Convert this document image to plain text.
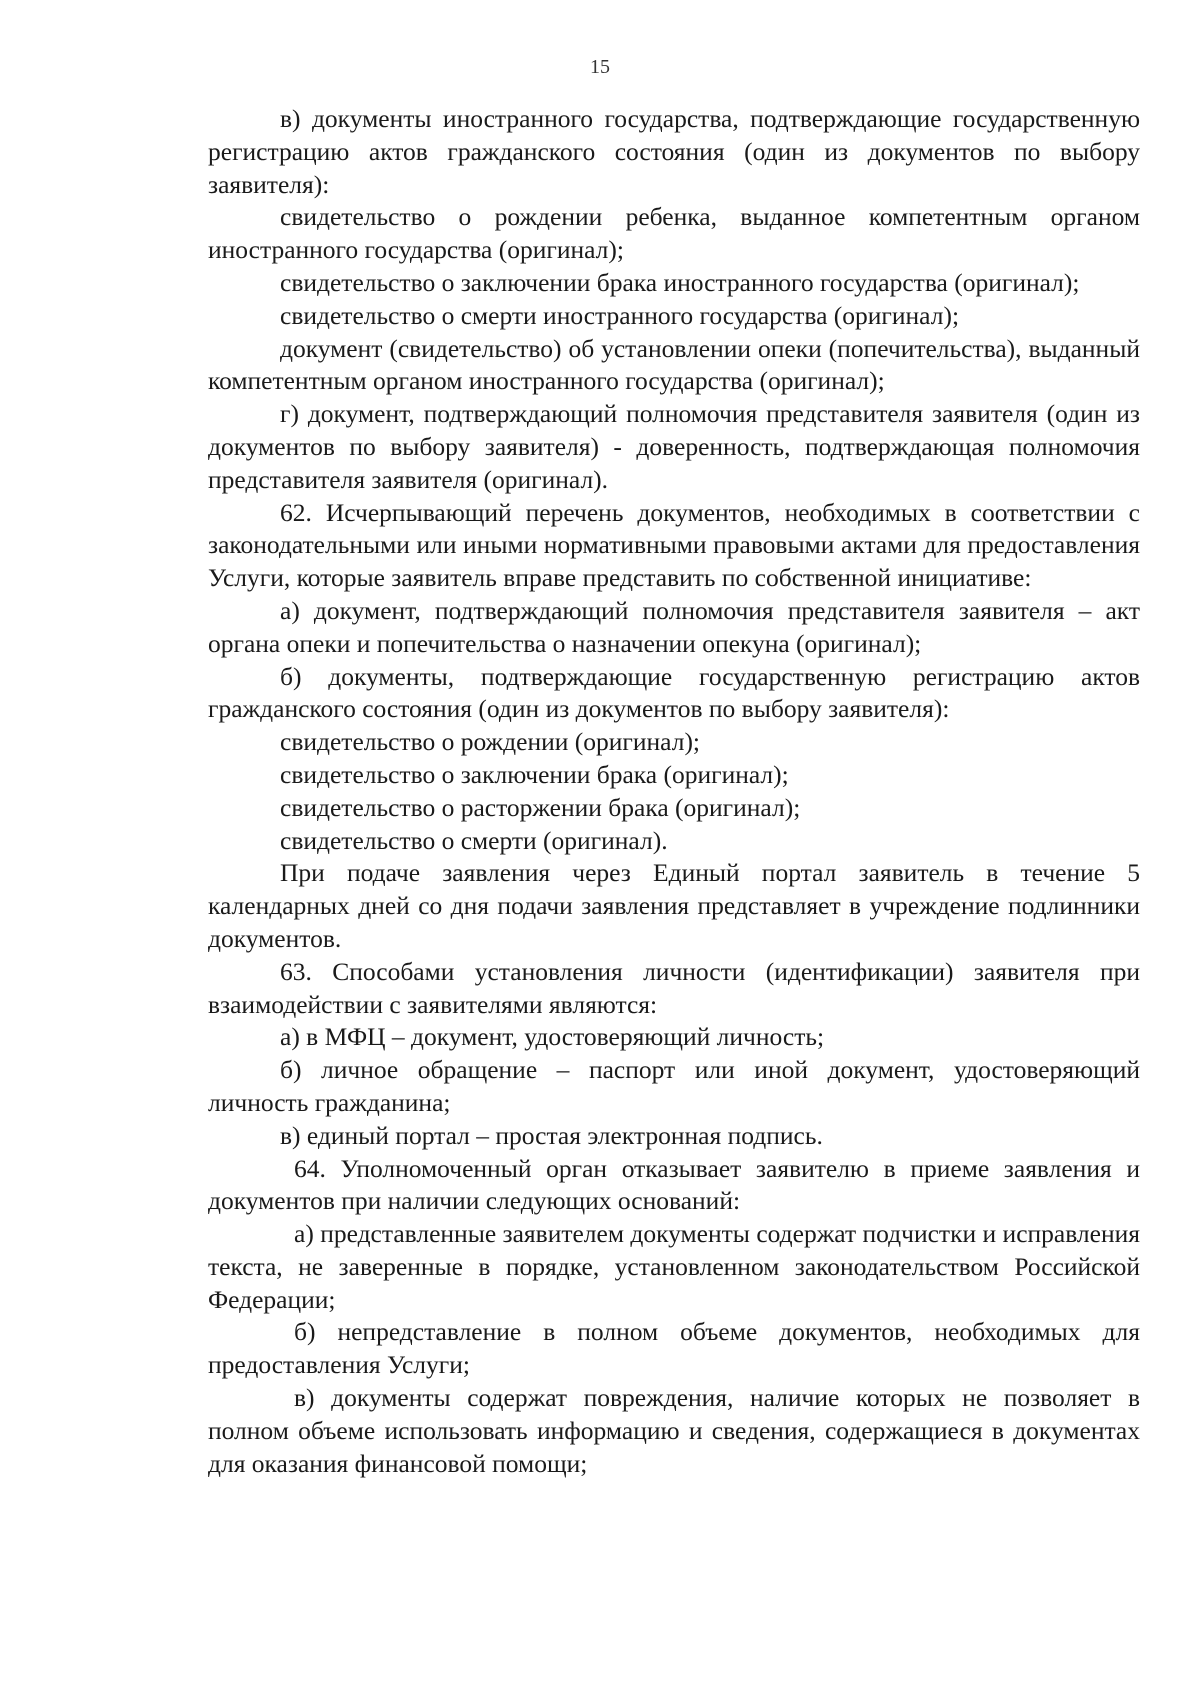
15

в) документы иностранного государства, подтверждающие государственную регистрацию актов гражданского состояния (один из документов по выбору заявителя):

свидетельство о рождении ребенка, выданное компетентным органом иностранного государства (оригинал);

свидетельство о заключении брака иностранного государства (оригинал);

свидетельство о смерти иностранного государства (оригинал);

документ (свидетельство) об установлении опеки (попечительства), выданный компетентным органом иностранного государства (оригинал);

г) документ, подтверждающий полномочия представителя заявителя (один из документов по выбору заявителя) - доверенность, подтверждающая полномочия представителя заявителя (оригинал).

62. Исчерпывающий перечень документов, необходимых в соответствии с законодательными или иными нормативными правовыми актами для предоставления Услуги, которые заявитель вправе представить по собственной инициативе:

а) документ, подтверждающий полномочия представителя заявителя – акт органа опеки и попечительства о назначении опекуна (оригинал);

б) документы, подтверждающие государственную регистрацию актов гражданского состояния (один из документов по выбору заявителя):

свидетельство о рождении (оригинал);

свидетельство о заключении брака (оригинал);

свидетельство о расторжении брака (оригинал);

свидетельство о смерти (оригинал).

При подаче заявления через Единый портал заявитель в течение 5 календарных дней со дня подачи заявления представляет в учреждение подлинники документов.

63. Способами установления личности (идентификации) заявителя при взаимодействии с заявителями являются:

а) в МФЦ – документ, удостоверяющий личность;

б) личное обращение – паспорт или иной документ, удостоверяющий личность гражданина;

в) единый портал – простая электронная подпись.

64. Уполномоченный орган отказывает заявителю в приеме заявления и документов при наличии следующих оснований:

а) представленные заявителем документы содержат подчистки и исправления текста, не заверенные в порядке, установленном законодательством Российской Федерации;

б) непредставление в полном объеме документов, необходимых для предоставления Услуги;

в) документы содержат повреждения, наличие которых не позволяет в полном объеме использовать информацию и сведения, содержащиеся в документах для оказания финансовой помощи;
